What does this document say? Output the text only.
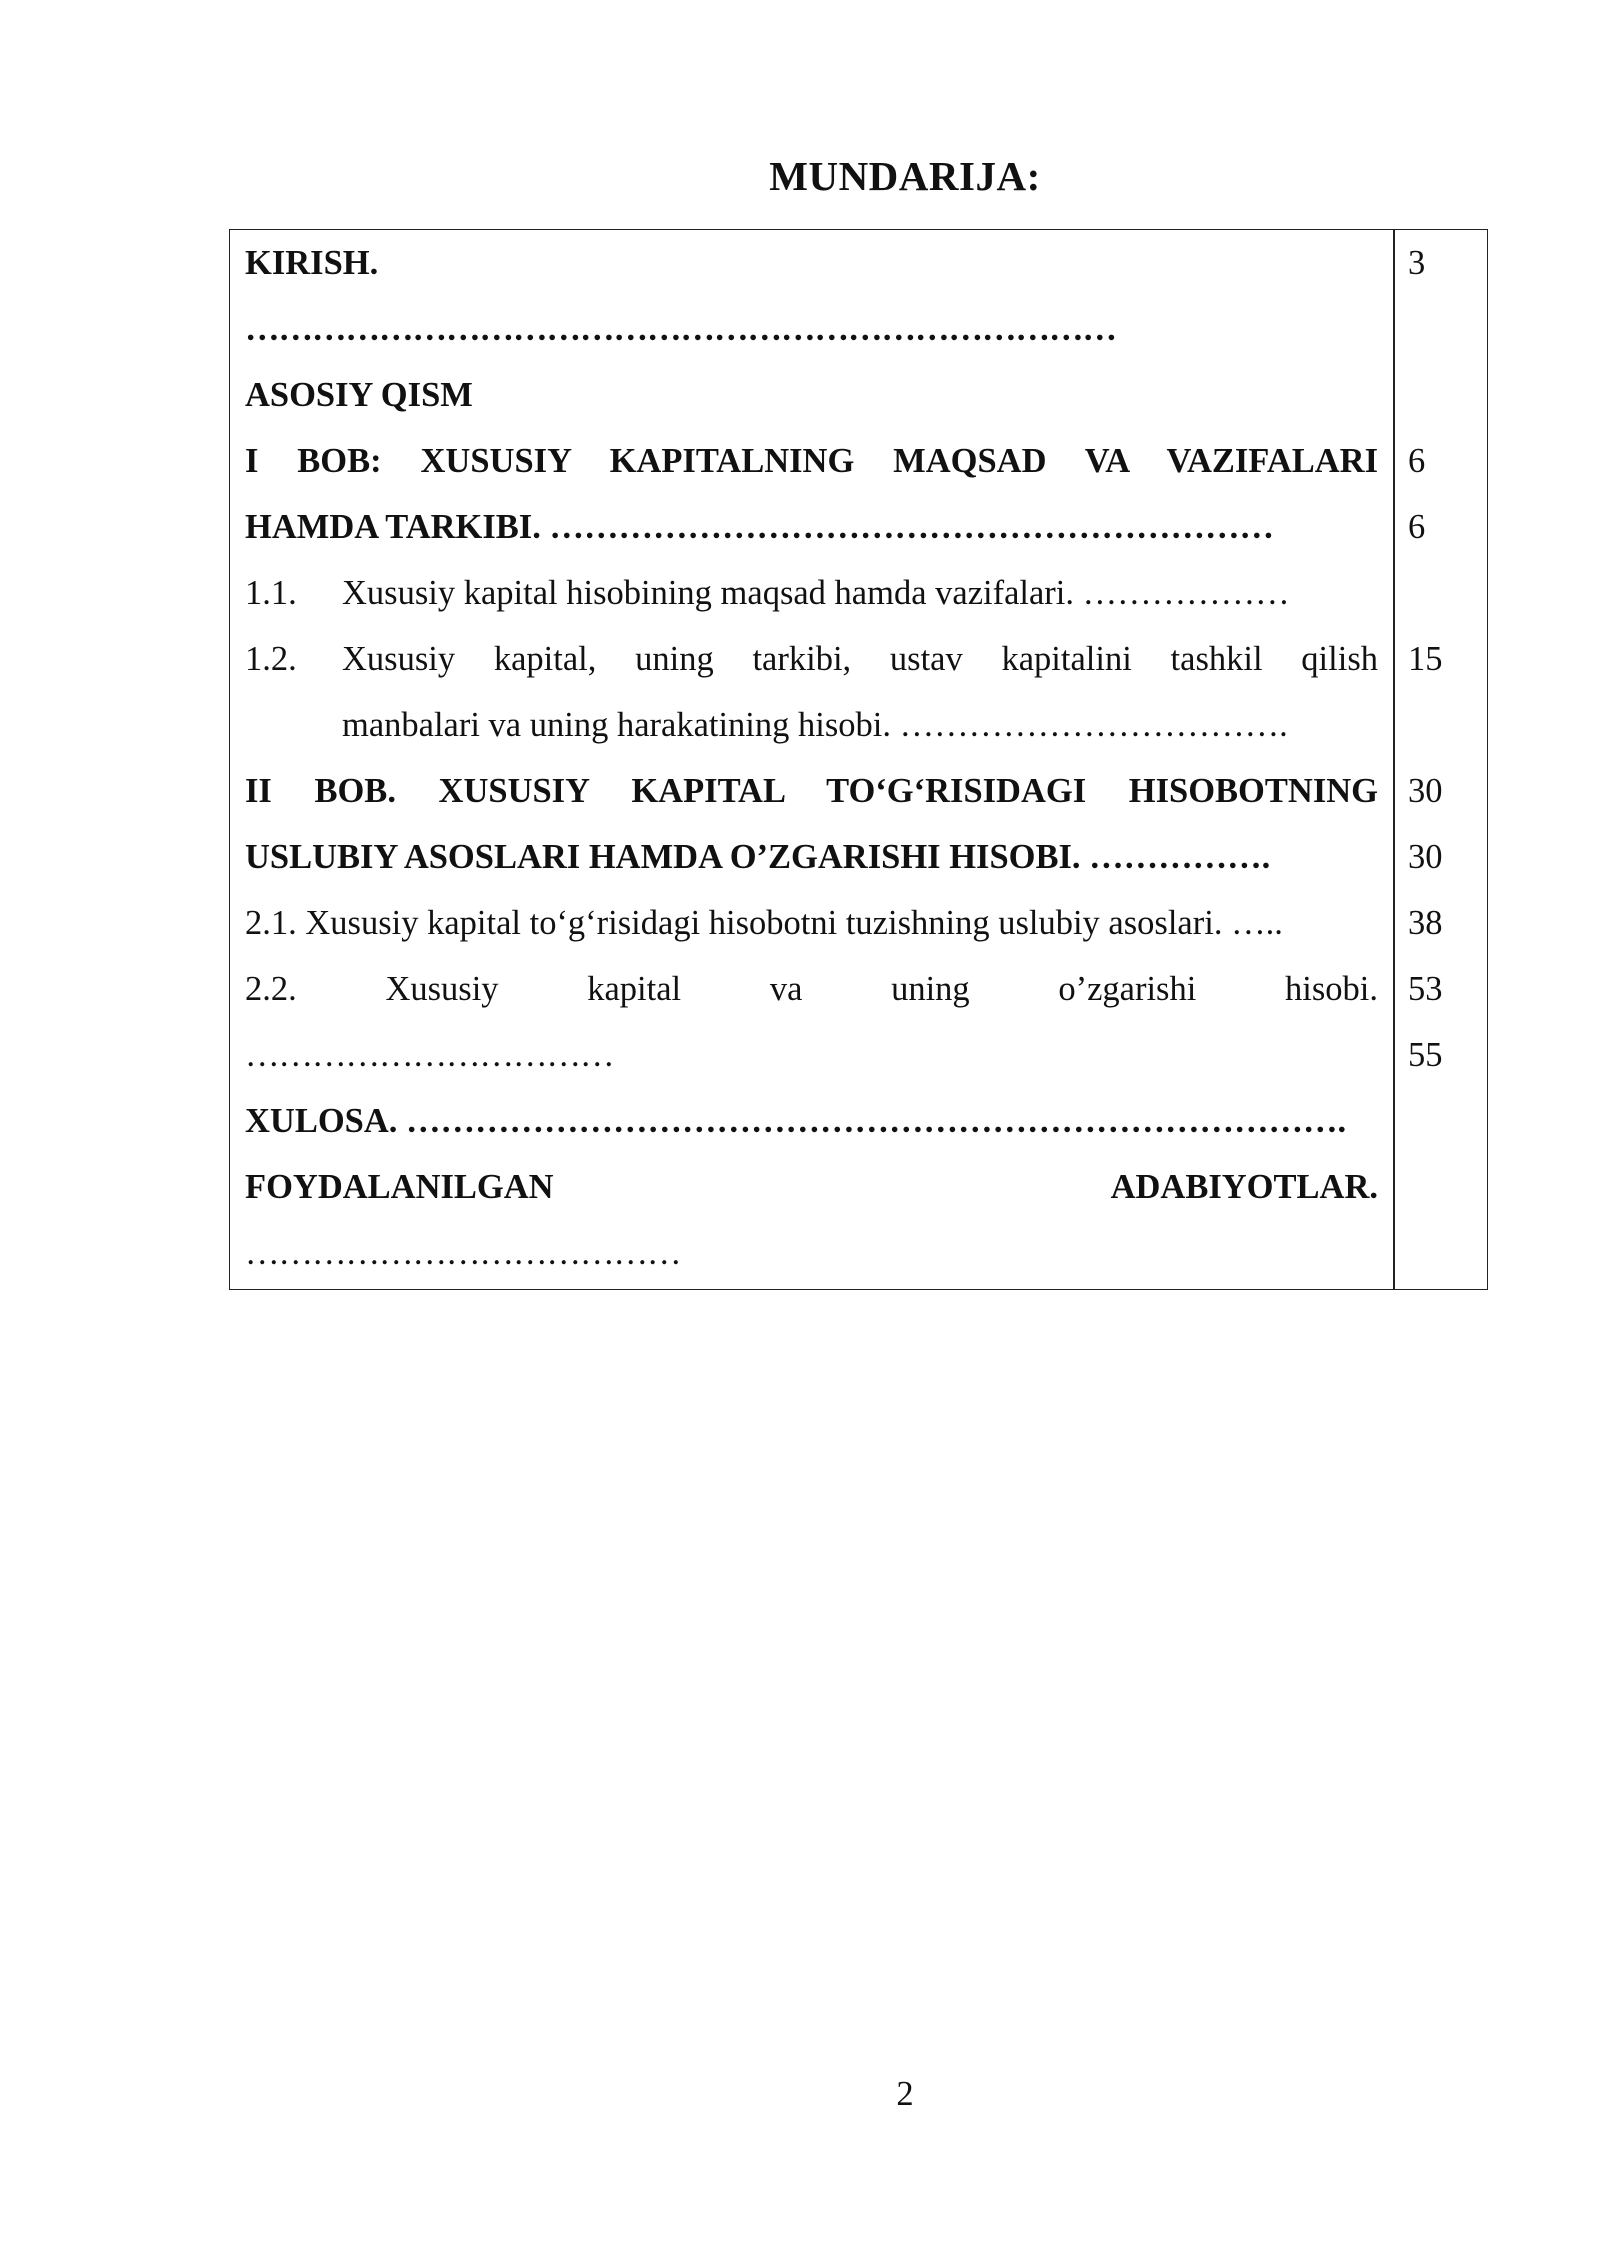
MUNDARIJA:
KIRISH.
……………………………………………………………………
ASOSIY QISM
I BOB: XUSUSIY KAPITALNING MAQSAD VA VAZIFALARI
HAMDA TARKIBI. ………………………………………………………
1.1. Xususiy kapital hisobining maqsad hamda vazifalari. ………………
1.2.	Xususiy kapital, uning tarkibi, ustav kapitalini tashkil qilish
manbalari va uning harakatining hisobi. …………………………….
II BOB. XUSUSIY KAPITAL TO‘G‘RISIDAGI HISOBOTNING
USLUBIY ASOSLARI HAMDA O’ZGARISHI HISOBI. …………….
2.1. Xususiy kapital to‘g‘risidagi hisobotni tuzishning uslubiy asoslari. …..
2.2. Xususiy kapital va uning o’zgarishi hisobi.
……………………………
XULOSA. ……………………………………………………………………….
FOYDALANILGAN ADABIYOTLAR.
…………………………………
3
6
6
15
30
30
38
53
55
2
